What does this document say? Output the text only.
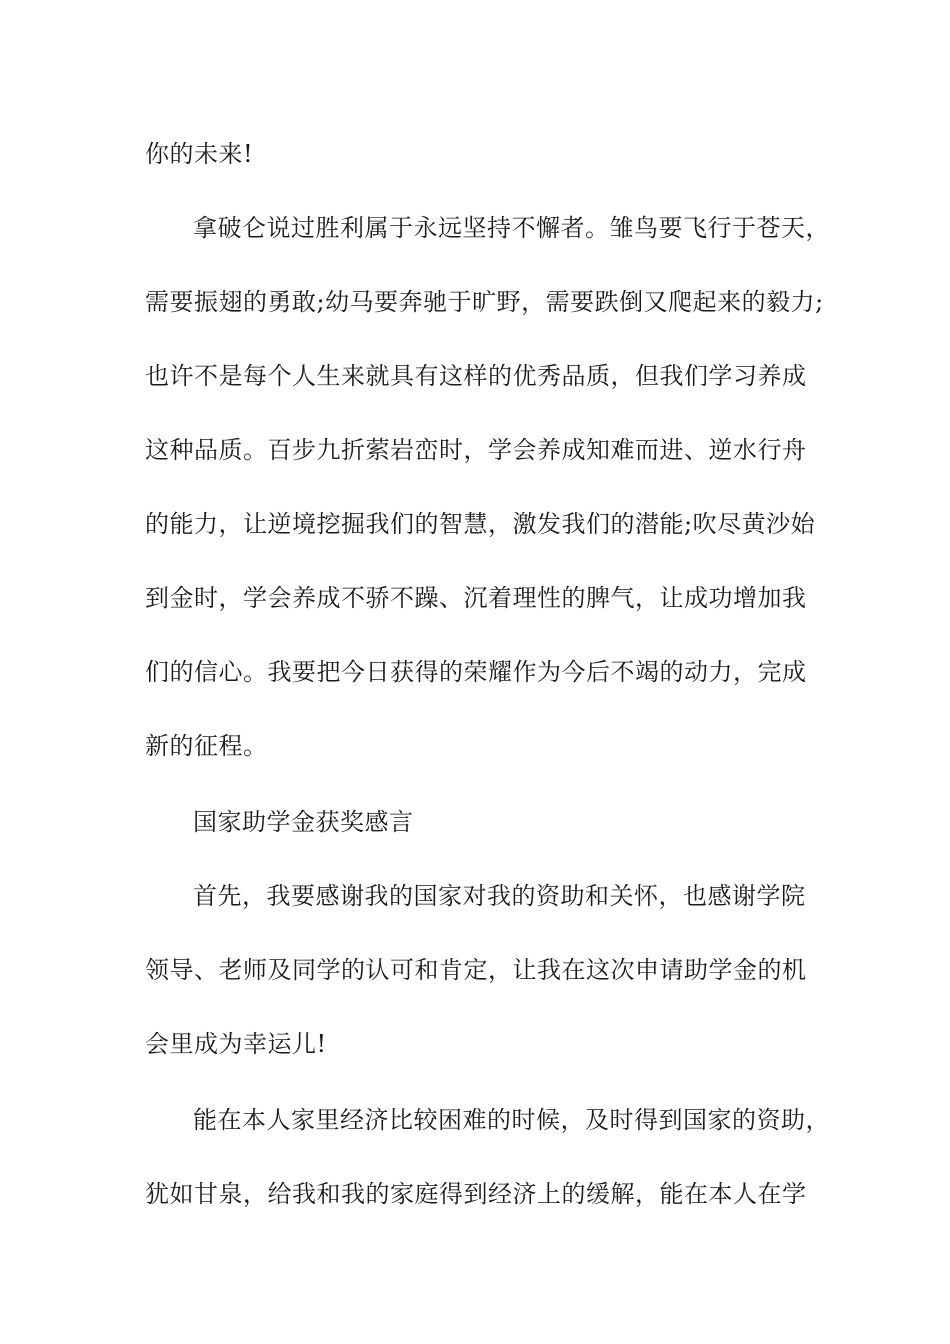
你的未来!
拿破仑说过胜利属于永远坚持不懈者。雏鸟要飞行于苍天，
需要振翅的勇敢;幼马要奔驰于旷野，需要跌倒又爬起来的毅力;
也许不是每个人生来就具有这样的优秀品质，但我们学习养成
这种品质。百步九折萦岩峦时，学会养成知难而进、逆水行舟
的能力，让逆境挖掘我们的智慧，激发我们的潜能;吹尽黄沙始
到金时，学会养成不骄不躁、沉着理性的脾气，让成功增加我
们的信心。我要把今日获得的荣耀作为今后不竭的动力，完成
新的征程。
国家助学金获奖感言
首先，我要感谢我的国家对我的资助和关怀，也感谢学院
领导、老师及同学的认可和肯定，让我在这次申请助学金的机
会里成为幸运儿!
能在本人家里经济比较困难的时候，及时得到国家的资助，
犹如甘泉，给我和我的家庭得到经济上的缓解，能在本人在学
